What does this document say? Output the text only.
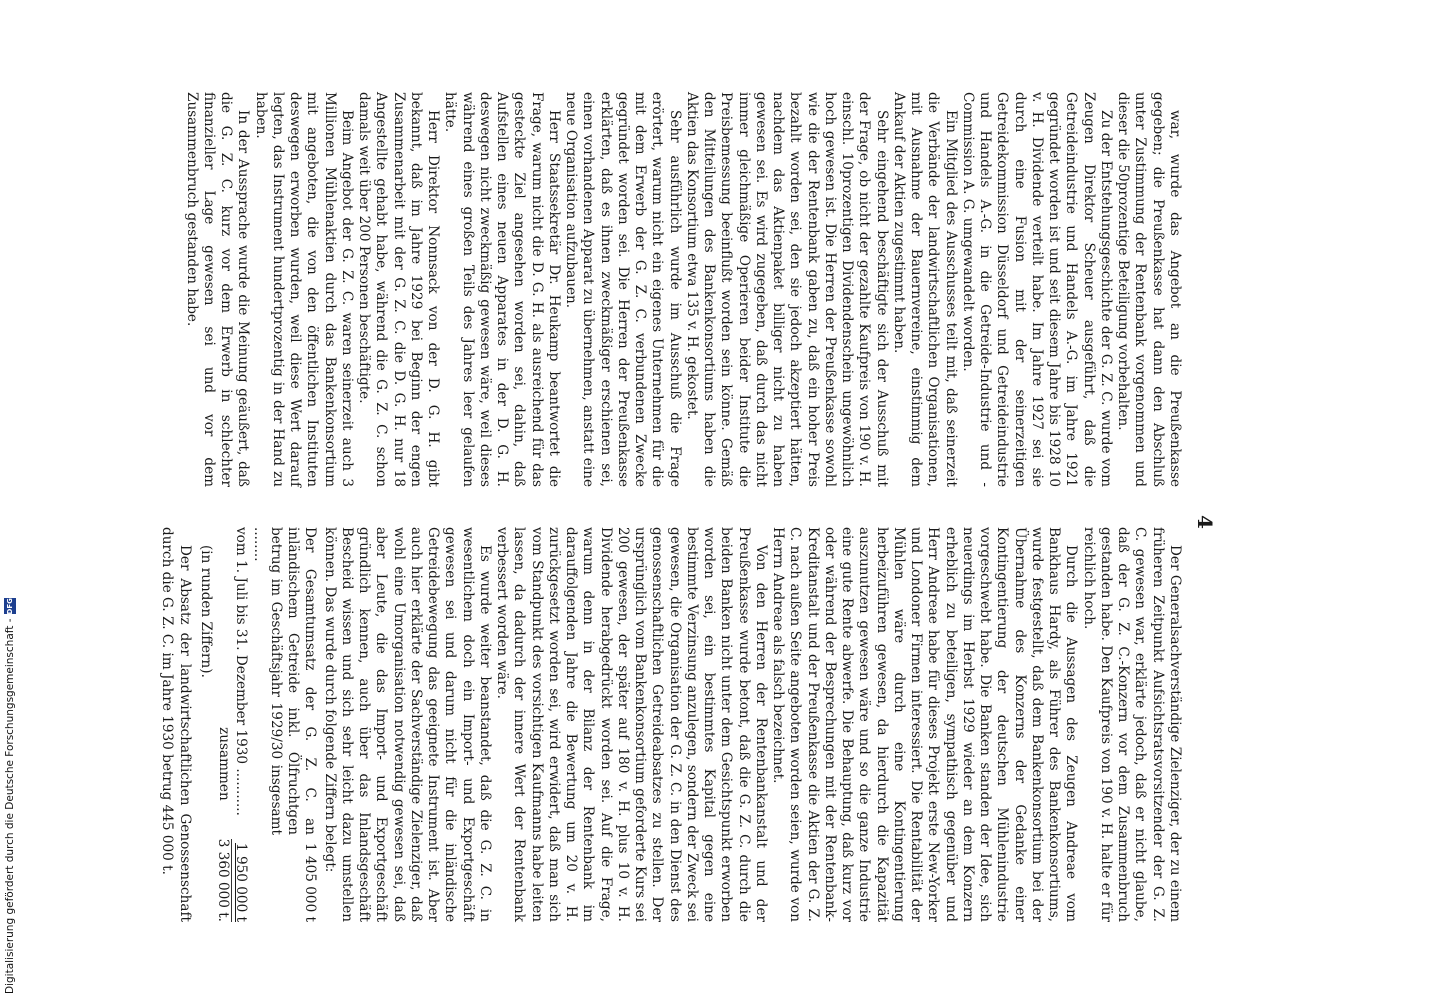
4

war, wurde das Angebot an die Preußenkasse gegeben; die Preußenkasse hat dann den Abschluß unter Zustimmung der Rentenbank vorgenommen und dieser die 50prozentige Beteiligung vorbehalten.

Zu der Entstehungsgeschichte der G. Z. C. wurde vom Zeugen Direktor Scheuer ausgeführt, daß die Getreideindustrie und Handels A.-G. im Jahre 1921 gegründet worden ist und seit diesem Jahre bis 1928 10 v. H. Dividende verteilt habe. Im Jahre 1927 sei sie durch eine Fusion mit der seinerzeitigen Getreidekommission Düsseldorf und Getreideindustrie und Handels A.-G. in die Getreide-Industrie und -Commission A. G. umgewandelt worden.

Ein Mitglied des Ausschusses teilt mit, daß seinerzeit die Verbände der landwirtschaftlichen Organisationen, mit Ausnahme der Bauernvereine, einstimmig dem Ankauf der Aktien zugestimmt haben.

Sehr eingehend beschäftigte sich der Ausschuß mit der Frage, ob nicht der gezahlte Kaufpreis von 190 v. H. einschl. 10prozentigen Dividendenschein ungewöhnlich hoch gewesen ist. Die Herren der Preußenkasse sowohl wie die der Rentenbank gaben zu, daß ein hoher Preis bezahlt worden sei, den sie jedoch akzeptiert hätten, nachdem das Aktienpaket billiger nicht zu haben gewesen sei. Es wird zugegeben, daß durch das nicht immer gleichmäßige Operieren beider Institute die Preisbemessung beeinflußt worden sein könne. Gemäß den Mitteilungen des Bankenkonsortiums haben die Aktien das Konsortium etwa 135 v. H. gekostet.

Sehr ausführlich wurde im Ausschuß die Frage erörtert, warum nicht ein eigenes Unternehmen für die mit dem Erwerb der G. Z. C. verbundenen Zwecke gegründet worden sei. Die Herren der Preußenkasse erklärten, daß es ihnen zweckmäßiger erschienen sei, einen vorhandenen Apparat zu übernehmen, anstatt eine neue Organisation aufzubauen.

Herr Staatssekretär Dr. Heukamp beantwortet die Frage, warum nicht die D. G. H. als ausreichend für das gesteckte Ziel angesehen worden sei, dahin, daß Aufstellen eines neuen Apparates in der D. G. H. deswegen nicht zweckmäßig gewesen wäre, weil dieses während eines großen Teils des Jahres leer gelaufen hätte.

Herr Direktor Nonnsack von der D. G. H. gibt bekannt, daß im Jahre 1929 bei Beginn der engen Zusammenarbeit mit der G. Z. C. die D. G. H. nur 18 Angestellte gehabt habe, während die G. Z. C. schon damals weit über 200 Personen beschäftigte.

Beim Angebot der G. Z. C. waren seinerzeit auch 3 Millionen Mühlenaktien durch das Bankenkonsortium mit angeboten, die von den öffentlichen Instituten deswegen erworben wurden, weil diese Wert darauf legten, das Instrument hundertprozentig in der Hand zu haben.

In der Aussprache wurde die Meinung geäußert, daß die G. Z. C. kurz vor dem Erwerb in schlechter finanzieller Lage gewesen sei und vor dem Zusammenbruch gestanden habe.

Der Generalsachverständige Zielenziger, der zu einem früheren Zeitpunkt Aufsichtsratsvorsitzender der G. Z. C. gewesen war, erklärte jedoch, daß er nicht glaube, daß der G. Z. C.-Konzern vor dem Zusammenbruch gestanden habe. Den Kaufpreis von 190 v. H. halte er für reichlich hoch.

Durch die Aussagen des Zeugen Andreae vom Bankhaus Hardy, als Führer des Bankenkonsortiums, wurde festgestellt, daß dem Bankenkonsortium bei der Übernahme des Konzerns der Gedanke einer Kontingentierung der deutschen Mühlenindustrie vorgeschwebt habe. Die Banken standen der Idee, sich neuerdings im Herbst 1929 wieder an dem Konzern erheblich zu beteiligen, sympathisch gegenüber und Herr Andreae habe für dieses Projekt erste New-Yorker und Londoner Firmen interessiert. Die Rentabilität der Mühlen wäre durch eine Kontingentierung herbeizuführen gewesen, da hierdurch die Kapazität auszunutzen gewesen wäre und so die ganze Industrie eine gute Rente abwerfe. Die Behauptung, daß kurz vor oder während der Besprechungen mit der Rentenbank-Kreditanstalt und der Preußenkasse die Aktien der G. Z. C. nach außen Seite angeboten worden seien, wurde von Herrn Andreae als falsch bezeichnet.

Von den Herren der Rentenbankanstalt und der Preußenkasse wurde betont, daß die G. Z. C. durch die beiden Banken nicht unter dem Gesichtspunkt erworben worden sei, ein bestimmtes Kapital gegen eine bestimmte Verzinsung anzulegen, sondern der Zweck sei gewesen, die Organisation der G. Z. C. in den Dienst des genossenschaftlichen Getreideabsatzes zu stellen. Der ursprünglich vom Bankenkonsortium geforderte Kurs sei 200 gewesen, der später auf 180 v. H. plus 10 v. H. Dividende herabgedrückt worden sei. Auf die Frage, warum denn in der Bilanz der Rentenbank im darauffolgenden Jahre die Bewertung um 20 v. H. zurückgesetzt worden sei, wird erwidert, daß man sich vom Standpunkt des vorsichtigen Kaufmanns habe leiten lassen, da dadurch der innere Wert der Rentenbank verbessert worden wäre.

Es wurde weiter beanstandet, daß die G. Z. C. in wesentlichem doch ein Import- und Exportgeschäft gewesen sei und darum nicht für die inländische Getreidebewegung das geeignete Instrument ist. Aber auch hier erklärte der Sachverständige Zielenziger, daß wohl eine Umorganisation notwendig gewesen sei, daß aber Leute, die das Import- und Exportgeschäft gründlich kennen, auch über das Inlandsgeschäft Bescheid wissen und sich sehr leicht dazu umstellen können. Das wurde durch folgende Ziffern belegt:

Der Gesamtumsatz der G. Z. C. an inländischem Getreide inkl. Ölfruchtgen betrug im Geschäftsjahr 1929/30 insgesamt ........
1 405 000 t
vom 1. Juli bis 31. Dezember 1930 ...........
1 950 000 t
zusammen
3 360 000 t.

(in runden Ziffern).

Der Absatz der landwirtschaftlichen Genossenschaft durch die G. Z. C. im Jahre 1930 betrug 445 000 t.

Digitalisierung gefördert durch die Deutsche Forschungsgemeinschaft -
DFG
